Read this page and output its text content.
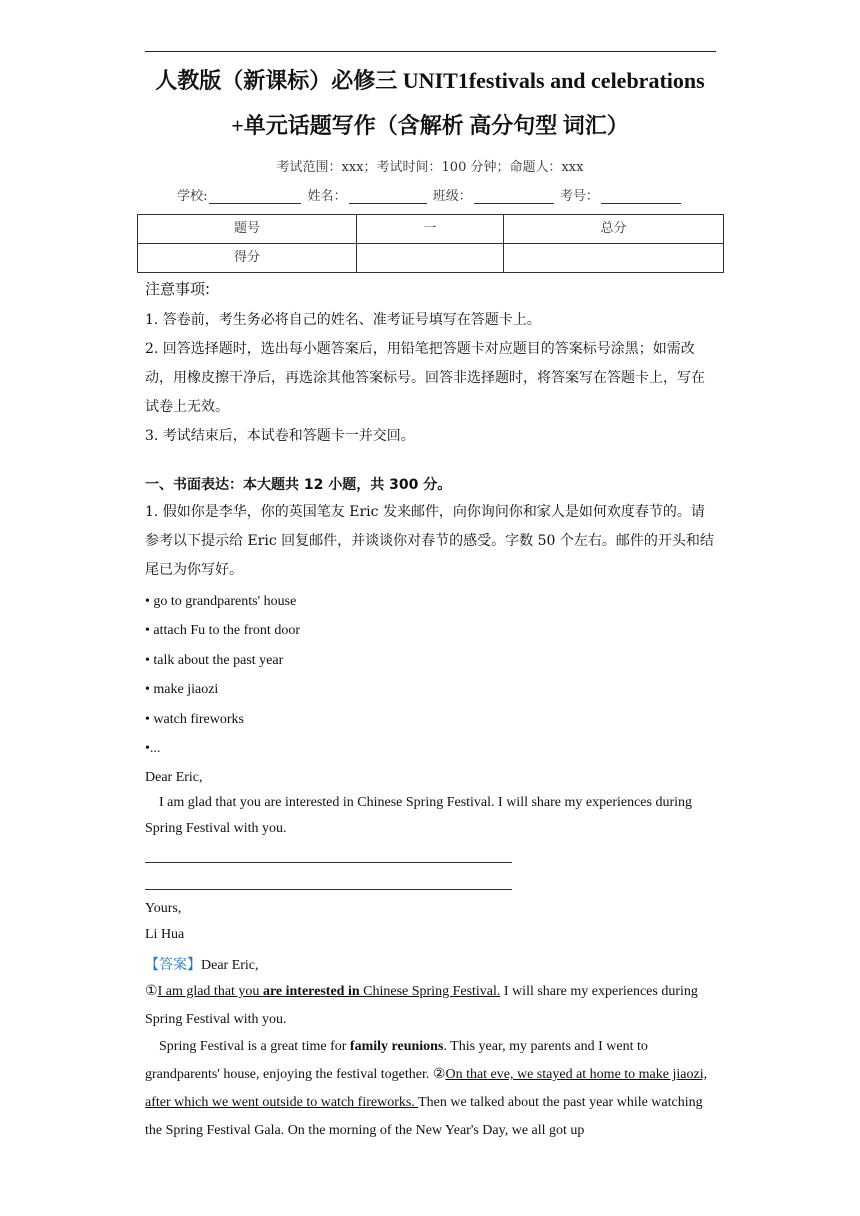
人教版（新课标）必修三 UNIT1festivals and celebrations
+单元话题写作（含解析 高分句型 词汇）
考试范围：xxx；考试时间：100 分钟；命题人：xxx
学校:	姓名：	班级：	考号：
题号	一	总分

得分		

注意事项:
1. 答卷前，考生务必将自己的姓名、准考证号填写在答题卡上。
2. 回答选择题时，选出每小题答案后，用铅笔把答题卡对应题目的答案标号涂黑；如需改动，用橡皮擦干净后，再选涂其他答案标号。回答非选择题时，将答案写在答题卡上，写在试卷上无效。
3. 考试结束后，本试卷和答题卡一并交回。
一、书面表达：本大题共 12 小题，共 300 分。
1. 假如你是李华，你的英国笔友 Eric 发来邮件，向你询问你和家人是如何欢度春节的。请参考以下提示给 Eric 回复邮件，并谈谈你对春节的感受。字数 50 个左右。邮件的开头和结尾已为你写好。
• go to grandparents' house
• attach Fu to the front door
• talk about the past year
• make jiaozi
• watch fireworks
•...
Dear Eric,
I am glad that you are interested in Chinese Spring Festival. I will share my experiences during Spring Festival with you.
Yours,
Li Hua
【答案】Dear Eric,
①I am glad that you are interested in Chinese Spring Festival. I will share my experiences during Spring Festival with you.
Spring Festival is a great time for family reunions. This year, my parents and I went to grandparents' house, enjoying the festival together. ②On that eve, we stayed at home to make jiaozi, after which we went outside to watch fireworks. Then we talked about the past year while watching the Spring Festival Gala. On the morning of the New Year's Day, we all got up
